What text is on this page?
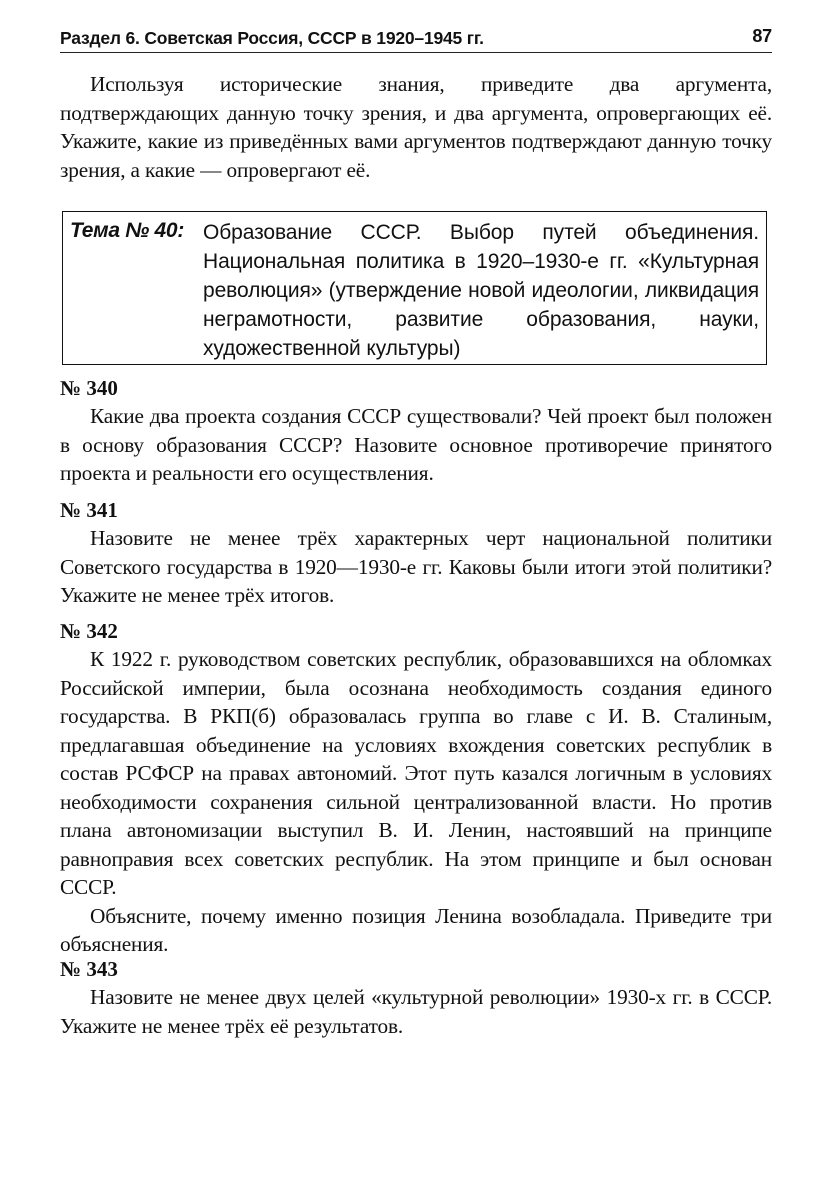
Раздел 6. Советская Россия, СССР в 1920–1945 гг.	87

Используя исторические знания, приведите два аргумента, подтверждающих данную точку зрения, и два аргумента, опровергающих её. Укажите, какие из приведённых вами аргументов подтверждают данную точку зрения, а какие — опровергают её.

Тема № 40: Образование СССР. Выбор путей объединения. Национальная политика в 1920–1930-е гг. «Культурная революция» (утверждение новой идеологии, ликвидация неграмотности, развитие образования, науки, художественной культуры)

№ 340

Какие два проекта создания СССР существовали? Чей проект был положен в основу образования СССР? Назовите основное противоречие принятого проекта и реальности его осуществления.

№ 341

Назовите не менее трёх характерных черт национальной политики Советского государства в 1920—1930-е гг. Каковы были итоги этой политики? Укажите не менее трёх итогов.

№ 342

К 1922 г. руководством советских республик, образовавшихся на обломках Российской империи, была осознана необходимость создания единого государства. В РКП(б) образовалась группа во главе с И. В. Сталиным, предлагавшая объединение на условиях вхождения советских республик в состав РСФСР на правах автономий. Этот путь казался логичным в условиях необходимости сохранения сильной централизованной власти. Но против плана автономизации выступил В. И. Ленин, настоявший на принципе равноправия всех советских республик. На этом принципе и был основан СССР.

Объясните, почему именно позиция Ленина возобладала. Приведите три объяснения.

№ 343

Назовите не менее двух целей «культурной революции» 1930-х гг. в СССР. Укажите не менее трёх её результатов.
